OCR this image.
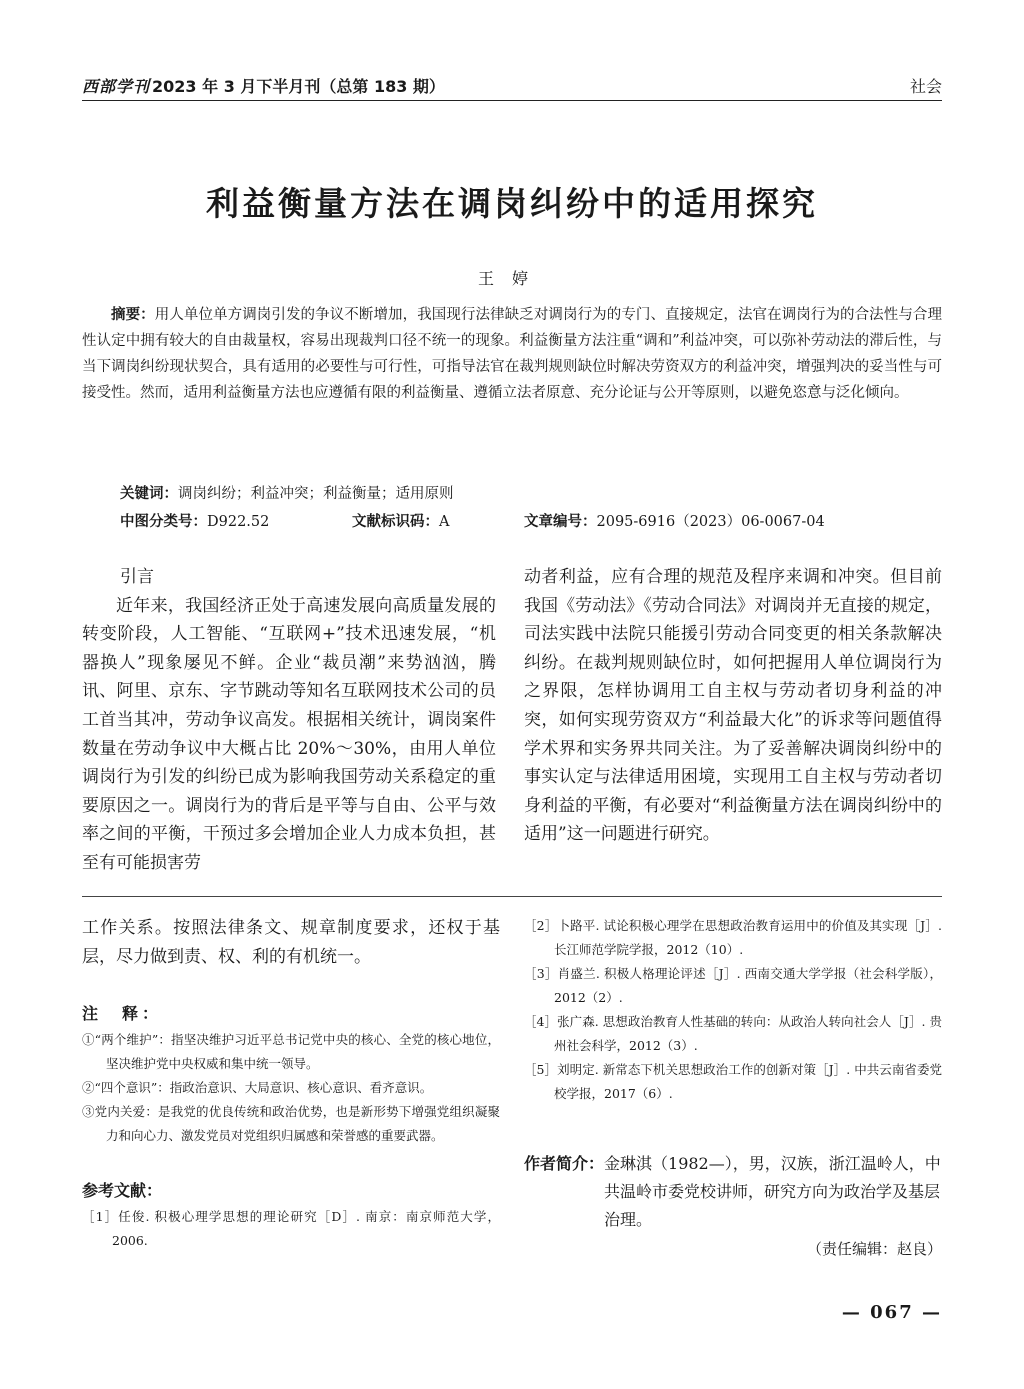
西部学刊 2023 年 3 月下半月刊（总第 183 期）	社会
利益衡量方法在调岗纠纷中的适用探究
王婷
摘要：用人单位单方调岗引发的争议不断增加，我国现行法律缺乏对调岗行为的专门、直接规定，法官在调岗行为的合法性与合理性认定中拥有较大的自由裁量权，容易出现裁判口径不统一的现象。利益衡量方法注重“调和”利益冲突，可以弥补劳动法的滞后性，与当下调岗纠纷现状契合，具有适用的必要性与可行性，可指导法官在裁判规则缺位时解决劳资双方的利益冲突，增强判决的妥当性与可接受性。然而，适用利益衡量方法也应遵循有限的利益衡量、遵循立法者原意、充分论证与公开等原则，以避免恣意与泛化倾向。
关键词：调岗纠纷；利益冲突；利益衡量；适用原则
中图分类号：D922.52	文献标识码：A	文章编号：2095-6916（2023）06-0067-04
引言

近年来，我国经济正处于高速发展向高质量发展的转变阶段，人工智能、“互联网+”技术迅速发展，“机器换人”现象屡见不鲜。企业“裁员潮”来势汹汹，腾讯、阿里、京东、字节跳动等知名互联网技术公司的员工首当其冲，劳动争议高发。根据相关统计，调岗案件数量在劳动争议中大概占比 20%～30%，由用人单位调岗行为引发的纠纷已成为影响我国劳动关系稳定的重要原因之一。调岗行为的背后是平等与自由、公平与效率之间的平衡，干预过多会增加企业人力成本负担，甚至有可能损害劳

动者利益，应有合理的规范及程序来调和冲突。但目前我国《劳动法》《劳动合同法》对调岗并无直接的规定，司法实践中法院只能援引劳动合同变更的相关条款解决纠纷。在裁判规则缺位时，如何把握用人单位调岗行为之界限，怎样协调用工自主权与劳动者切身利益的冲突，如何实现劳资双方“利益最大化”的诉求等问题值得学术界和实务界共同关注。为了妥善解决调岗纠纷中的事实认定与法律适用困境，实现用工自主权与劳动者切身利益的平衡，有必要对“利益衡量方法在调岗纠纷中的适用”这一问题进行研究。

工作关系。按照法律条文、规章制度要求，还权于基层，尽力做到责、权、利的有机统一。

注　释：

①“两个维护”：指坚决维护习近平总书记党中央的核心、全党的核心地位，坚决维护党中央权威和集中统一领导。

②“四个意识”：指政治意识、大局意识、核心意识、看齐意识。

③党内关爱：是我党的优良传统和政治优势，也是新形势下增强党组织凝聚力和向心力、激发党员对党组织归属感和荣誉感的重要武器。

参考文献：

［1］任俊. 积极心理学思想的理论研究［D］. 南京：南京师范大学，2006.

［2］卜路平. 试论积极心理学在思想政治教育运用中的价值及其实现［J］. 长江师范学院学报，2012（10）.

［3］肖盛兰. 积极人格理论评述［J］. 西南交通大学学报（社会科学版），2012（2）.

［4］张广森. 思想政治教育人性基础的转向：从政治人转向社会人［J］. 贵州社会科学，2012（3）.

［5］刘明定. 新常态下机关思想政治工作的创新对策［J］. 中共云南省委党校学报，2017（6）.

作者简介： 金琳淇（1982—），男，汉族，浙江温岭人，中共温岭市委党校讲师，研究方向为政治学及基层治理。
（责任编辑：赵良）
— 067 —
